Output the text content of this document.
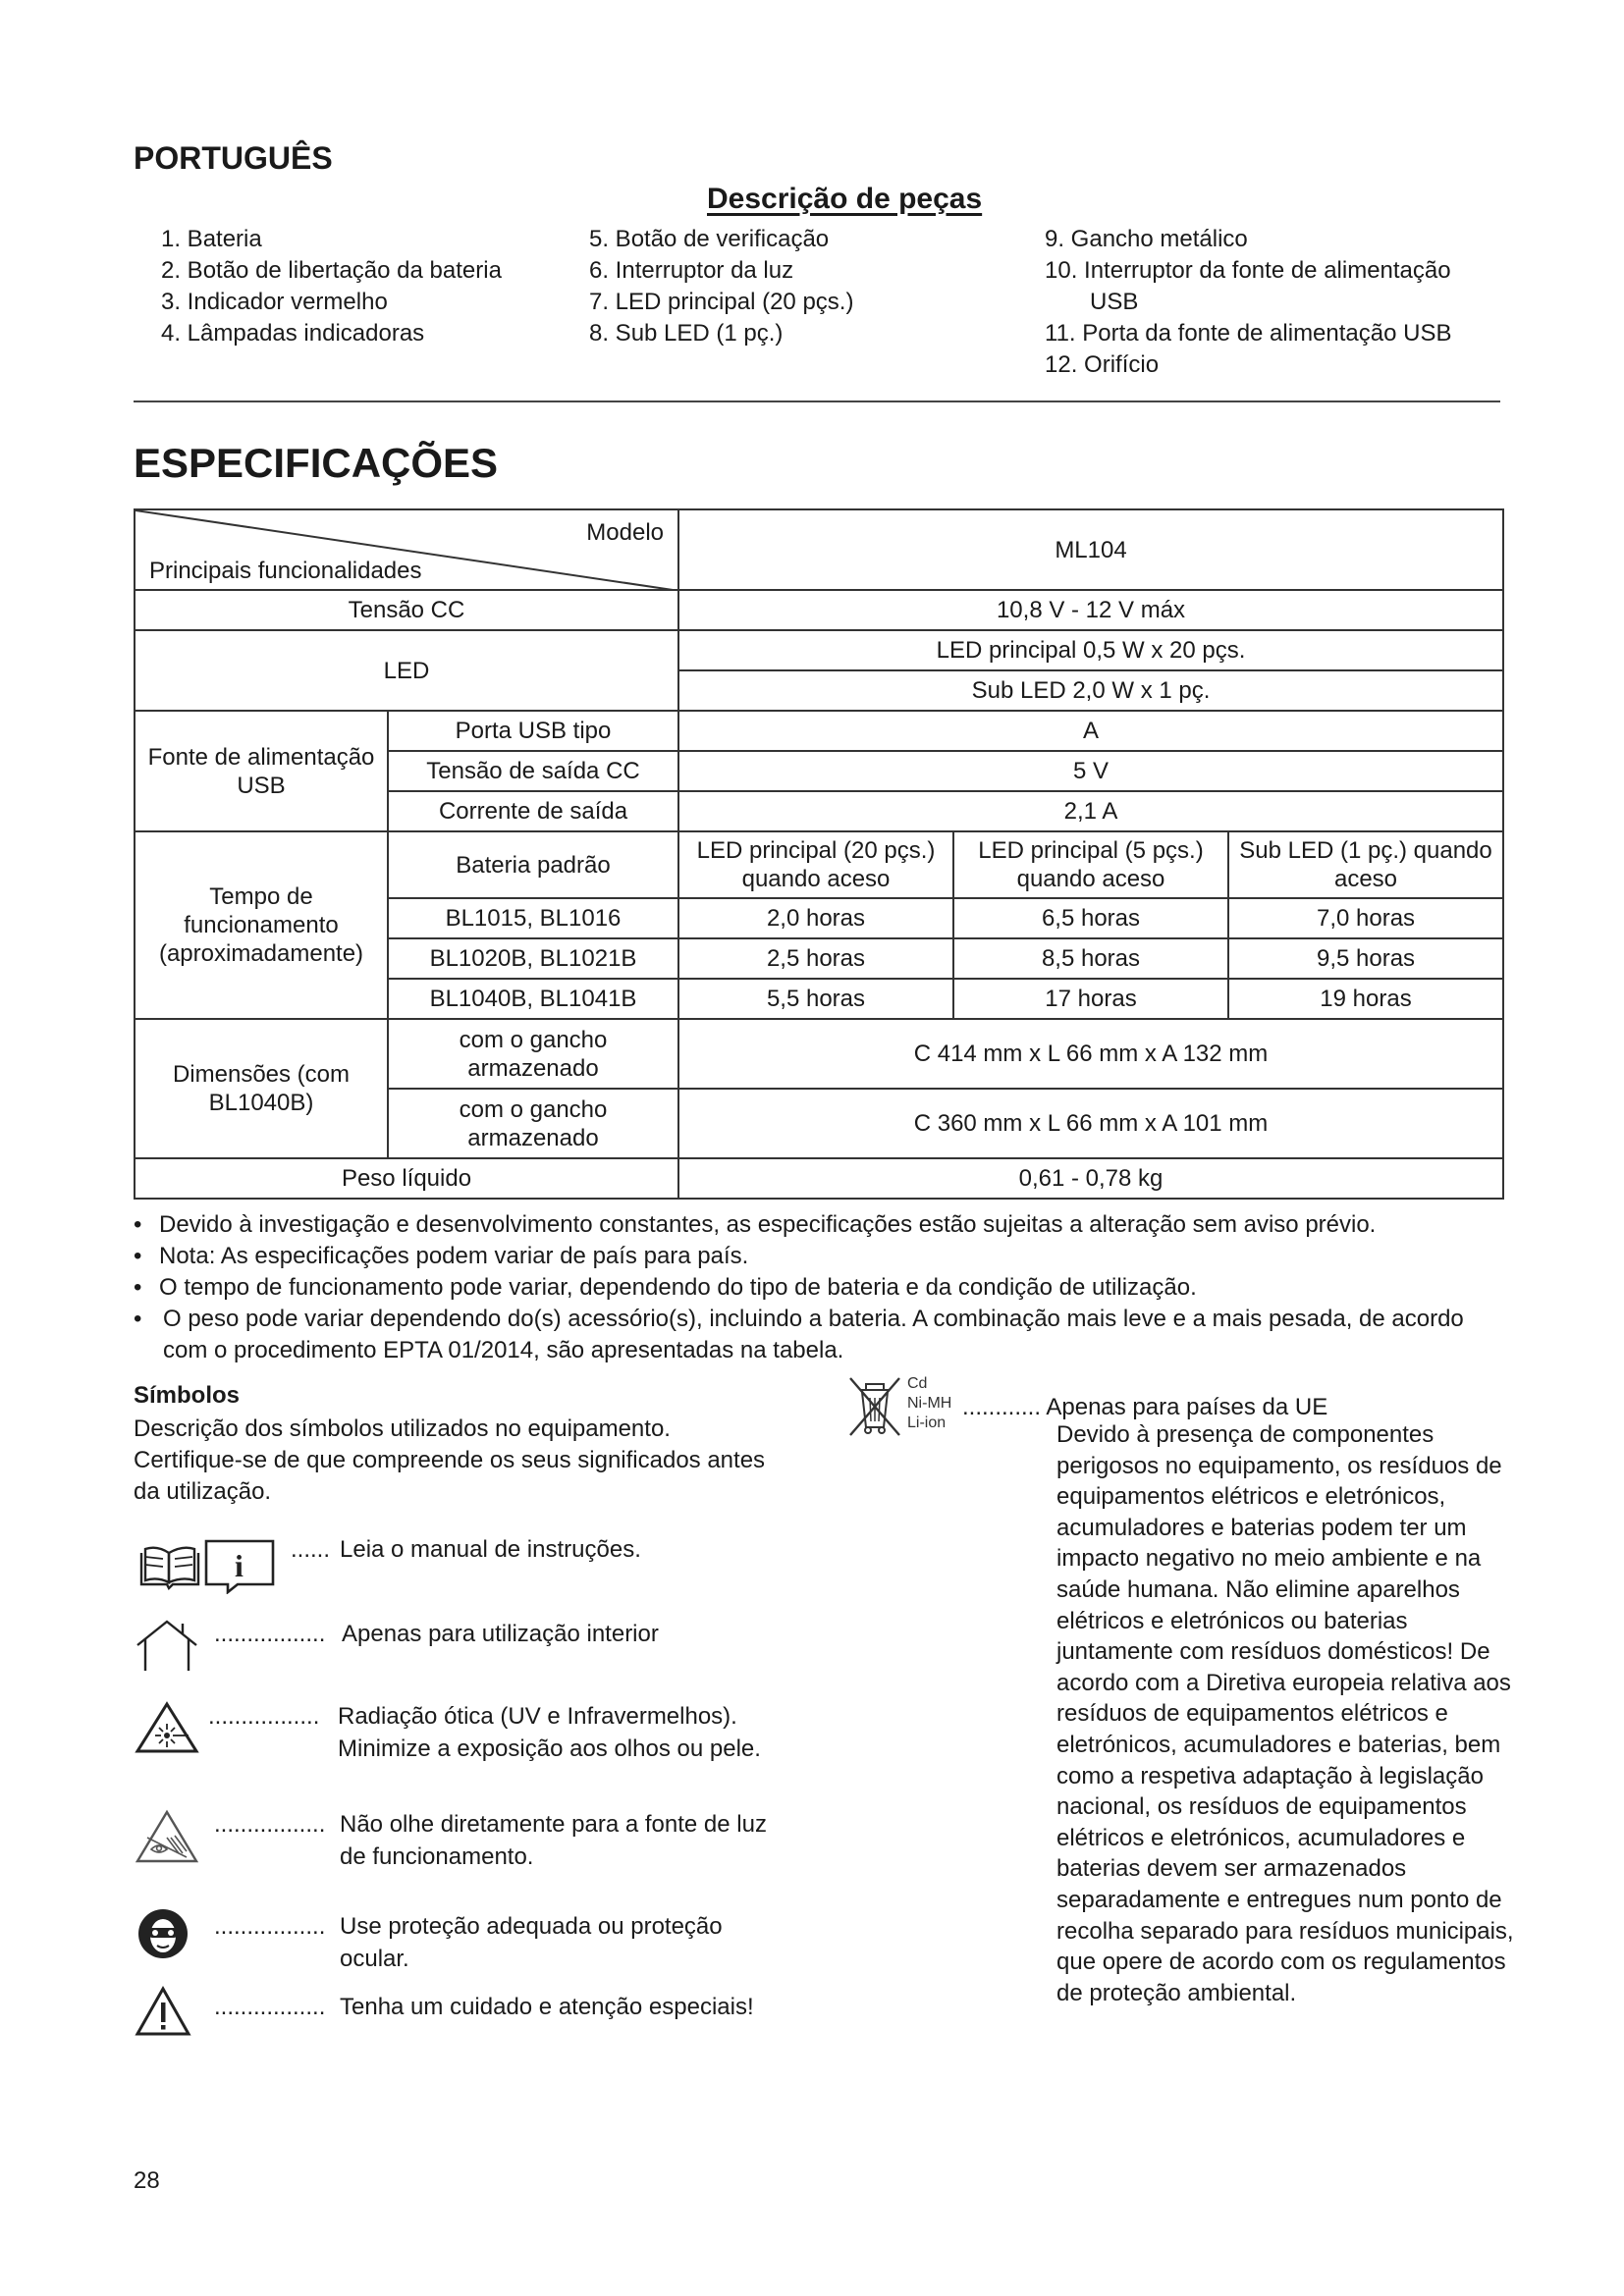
PORTUGUÊS
Descrição de peças
1. Bateria
2. Botão de libertação da bateria
3. Indicador vermelho
4. Lâmpadas indicadoras
5. Botão de verificação
6. Interruptor da luz
7. LED principal (20 pçs.)
8. Sub LED (1 pç.)
9. Gancho metálico
10. Interruptor da fonte de alimentação USB
11. Porta da fonte de alimentação USB
12. Orifício
ESPECIFICAÇÕES
Modelo
Principais funcionalidades		ML104		
Tensão CC		10,8 V - 12 V máx		
LED		LED principal 0,5 W x 20 pçs.		
		Sub LED 2,0 W x 1 pç.		
Fonte de alimentação USB	Porta USB tipo	A		
	Tensão de saída CC	5 V		
	Corrente de saída	2,1 A		
Tempo de funcionamento (aproximadamente)	Bateria padrão	LED principal (20 pçs.) quando aceso	LED principal (5 pçs.) quando aceso	Sub LED (1 pç.) quando aceso
	BL1015, BL1016	2,0 horas	6,5 horas	7,0 horas
	BL1020B, BL1021B	2,5 horas	8,5 horas	9,5 horas
	BL1040B, BL1041B	5,5 horas	17 horas	19 horas
Dimensões (com BL1040B)	com o gancho armazenado	C 414 mm x L 66 mm x A 132 mm		
	com o gancho armazenado	C 360 mm x L 66 mm x A 101 mm		
Peso líquido		0,61 - 0,78 kg		
• Devido à investigação e desenvolvimento constantes, as especificações estão sujeitas a alteração sem aviso prévio.
• Nota: As especificações podem variar de país para país.
• O tempo de funcionamento pode variar, dependendo do tipo de bateria e da condição de utilização.
• O peso pode variar dependendo do(s) acessório(s), incluindo a bateria. A combinação mais leve e a mais pesada, de acordo com o procedimento EPTA 01/2014, são apresentadas na tabela.
Símbolos

Descrição dos símbolos utilizados no equipamento. Certifique-se de que compreende os seus significados antes da utilização.

i ...... Leia o manual de instruções.
................. Apenas para utilização interior
................. Radiação ótica (UV e Infravermelhos). Minimize a exposição aos olhos ou pele.
................. Não olhe diretamente para a fonte de luz de funcionamento.
................. Use proteção adequada ou proteção ocular.
................. Tenha um cuidado e atenção especiais!
Cd
Ni-MH
Li-ion
............ Apenas para países da UE

Devido à presença de componentes perigosos no equipamento, os resíduos de equipamentos elétricos e eletrónicos, acumuladores e baterias podem ter um impacto negativo no meio ambiente e na saúde humana. Não elimine aparelhos elétricos e eletrónicos ou baterias juntamente com resíduos domésticos! De acordo com a Diretiva europeia relativa aos resíduos de equipamentos elétricos e eletrónicos, acumuladores e baterias, bem como a respetiva adaptação à legislação nacional, os resíduos de equipamentos elétricos e eletrónicos, acumuladores e baterias devem ser armazenados separadamente e entregues num ponto de recolha separado para resíduos municipais, que opere de acordo com os regulamentos de proteção ambiental.

28
